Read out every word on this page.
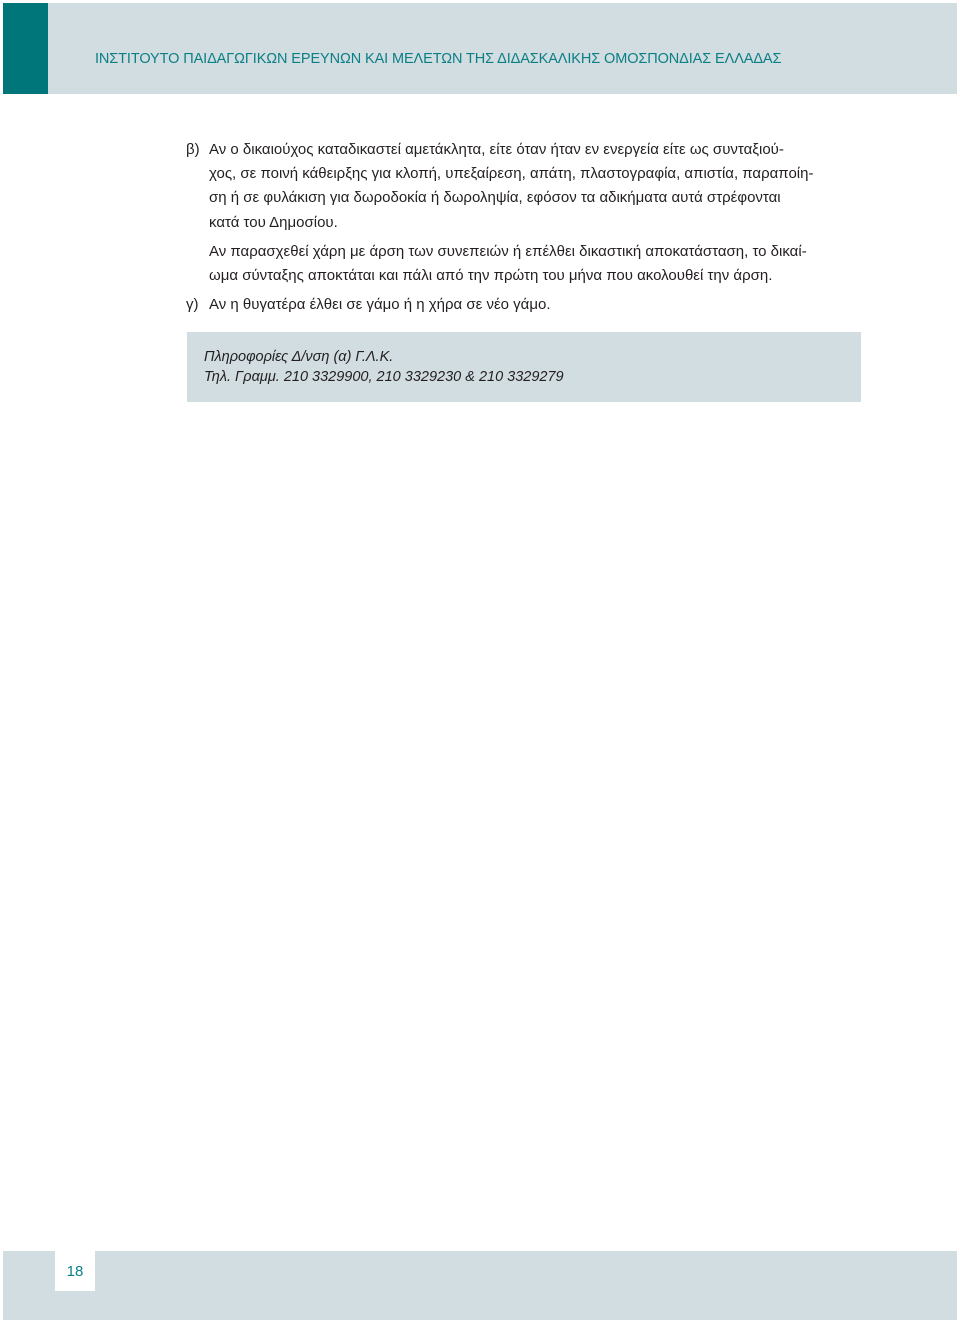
ΙΝΣΤΙΤΟΥΤΟ ΠΑΙΔΑΓΩΓΙΚΩΝ ΕΡΕΥΝΩΝ ΚΑΙ ΜΕΛΕΤΩΝ ΤΗΣ ΔΙΔΑΣΚΑΛΙΚΗΣ ΟΜΟΣΠΟΝΔΙΑΣ ΕΛΛΑΔΑΣ
β) Αν ο δικαιούχος καταδικαστεί αμετάκλητα, είτε όταν ήταν εν ενεργεία είτε ως συνταξιού-
χος, σε ποινή κάθειρξης για κλοπή, υπεξαίρεση, απάτη, πλαστογραφία, απιστία, παραποίη-
ση ή σε φυλάκιση για δωροδοκία ή δωροληψία, εφόσον τα αδικήματα αυτά στρέφονται
κατά του Δημοσίου.
Αν παρασχεθεί χάρη με άρση των συνεπειών ή επέλθει δικαστική αποκατάσταση, το δικαί-
ωμα σύνταξης αποκτάται και πάλι από την πρώτη του μήνα που ακολουθεί την άρση.
γ) Αν η θυγατέρα έλθει σε γάμο ή η χήρα σε νέο γάμο.
Πληροφορίες Δ/νση (α) Γ.Λ.Κ.
Τηλ. Γραμμ. 210 3329900, 210 3329230 & 210 3329279
18
